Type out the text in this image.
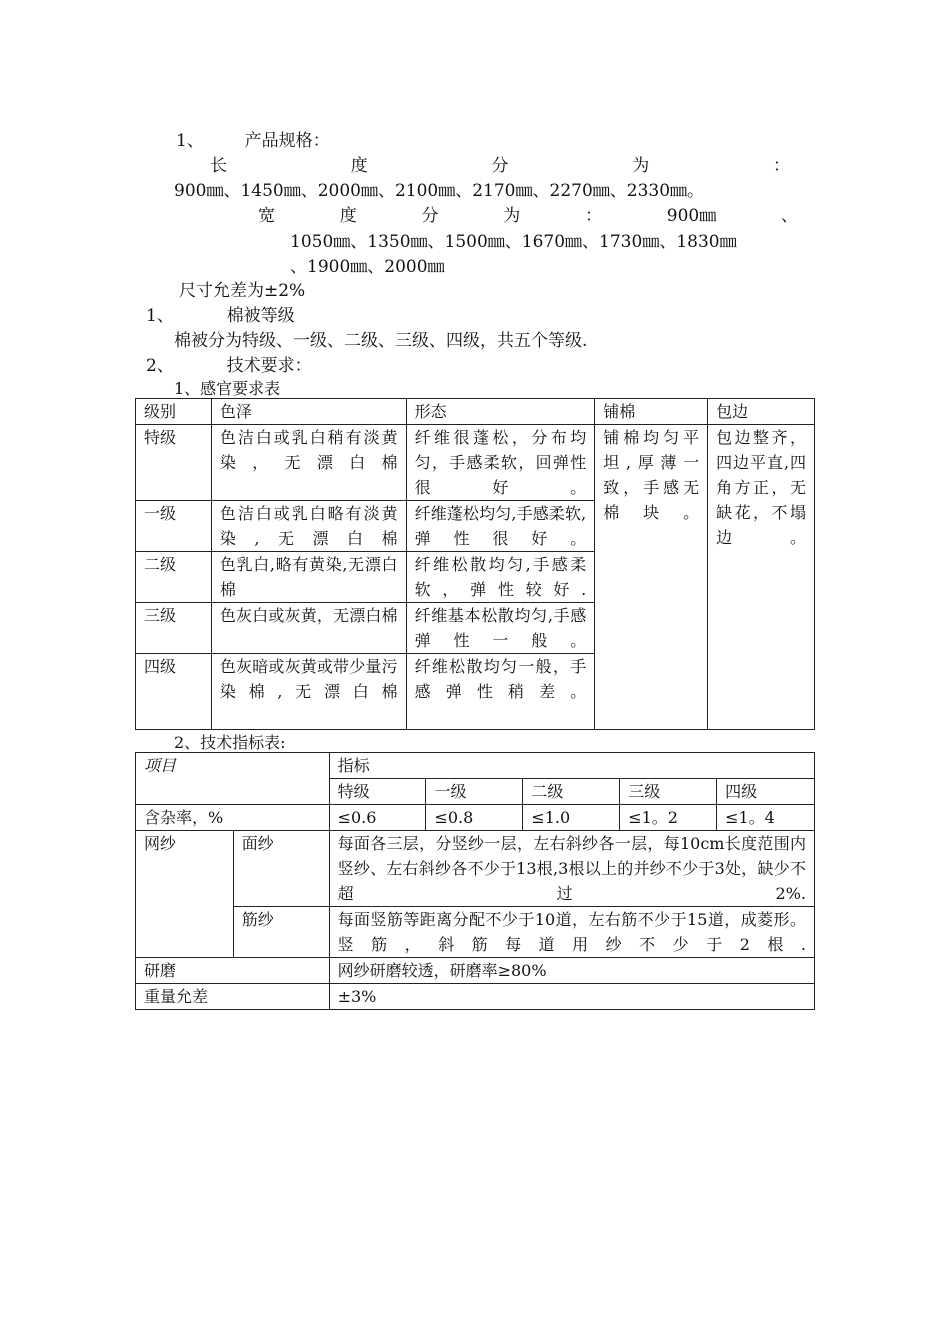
1、 产品规格：
长	度	分	为	：
900㎜、1450㎜、2000㎜、2100㎜、2170㎜、2270㎜、2330㎜。
宽	度	分	为	：	900㎜	、
1050㎜、1350㎜、1500㎜、1670㎜、1730㎜、1830㎜
、1900㎜、2000㎜
尺寸允差为±2%
1、	棉被等级
棉被分为特级、一级、二级、三级、四级，共五个等级.
2、	技术要求：
1、感官要求表
级别	色泽	形态	铺棉	包边
特级	色洁白或乳白稍有淡黄染，无漂白棉	纤维很蓬松，分布均匀，手感柔软，回弹性很好。	铺棉均匀平坦,厚薄一致，手感无棉块。	包边整齐，四边平直,四角方正，无缺花，不塌边。
一级	色洁白或乳白略有淡黄染,无漂白棉	纤维蓬松均匀,手感柔软,弹性很好。		
二级	色乳白,略有黄染,无漂白棉	纤维松散均匀,手感柔软，弹性较好.		
三级	色灰白或灰黄，无漂白棉	纤维基本松散均匀,手感弹性一般。		
四级	色灰暗或灰黄或带少量污染棉,无漂白棉	纤维松散均匀一般，手感弹性稍差。		
2、技术指标表:
项目		指标				
		特级	一级	二级	三级	四级
含杂率，%		≤0.6	≤0.8	≤1.0	≤1。2	≤1。4
网纱	面纱	每面各三层，分竖纱一层，左右斜纱各一层，每10cm长度范围内竖纱、左右斜纱各不少于13根,3根以上的并纱不少于3处，缺少不超过2%.				
	筋纱	每面竖筋等距离分配不少于10道，左右筋不少于15道，成菱形。竖筋，斜筋每道用纱不少于2根.				
研磨		网纱研磨较透，研磨率≥80%				
重量允差		±3%				
